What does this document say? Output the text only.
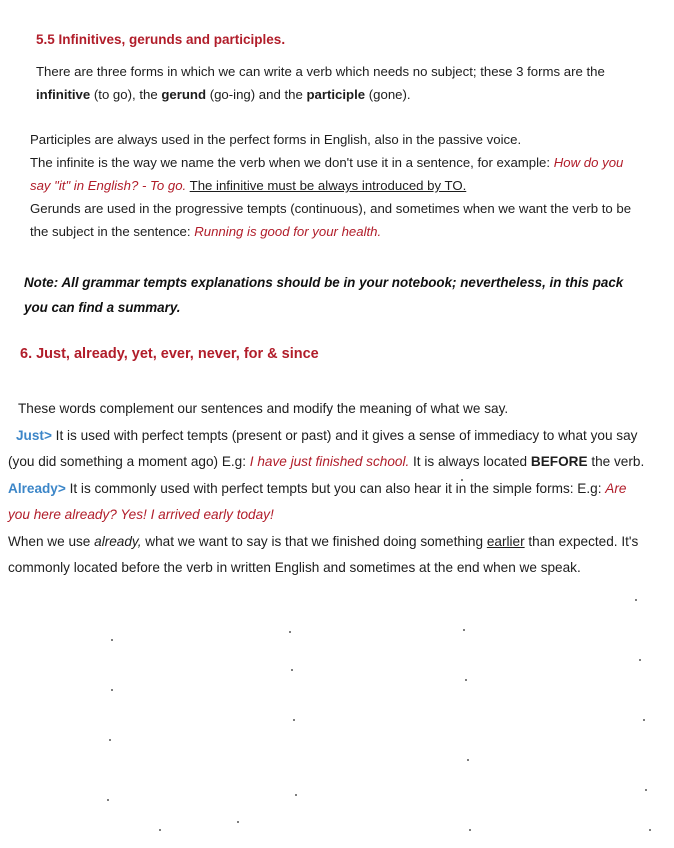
5.5 Infinitives, gerunds and participles.
There are three forms in which we can write a verb which needs no subject; these 3 forms are the infinitive (to go), the gerund (go-ing) and the participle (gone).
Participles are always used in the perfect forms in English, also in the passive voice.
The infinite is the way we name the verb when we don't use it in a sentence, for example: How do you say "it" in English? - To go. The infinitive must be always introduced by TO.
Gerunds are used in the progressive tempts (continuous), and sometimes when we want the verb to be the subject in the sentence: Running is good for your health.
Note: All grammar tempts explanations should be in your notebook; nevertheless, in this pack you can find a summary.
6. Just, already, yet, ever, never, for & since
These words complement our sentences and modify the meaning of what we say.
Just> It is used with perfect tempts (present or past) and it gives a sense of immediacy to what you say (you did something a moment ago) E.g: I have just finished school. It is always located BEFORE the verb.
Already> It is commonly used with perfect tempts but you can also hear it in the simple forms: E.g: Are you here already? Yes! I arrived early today!
When we use already, what we want to say is that we finished doing something earlier than expected. It's commonly located before the verb in written English and sometimes at the end when we speak.
